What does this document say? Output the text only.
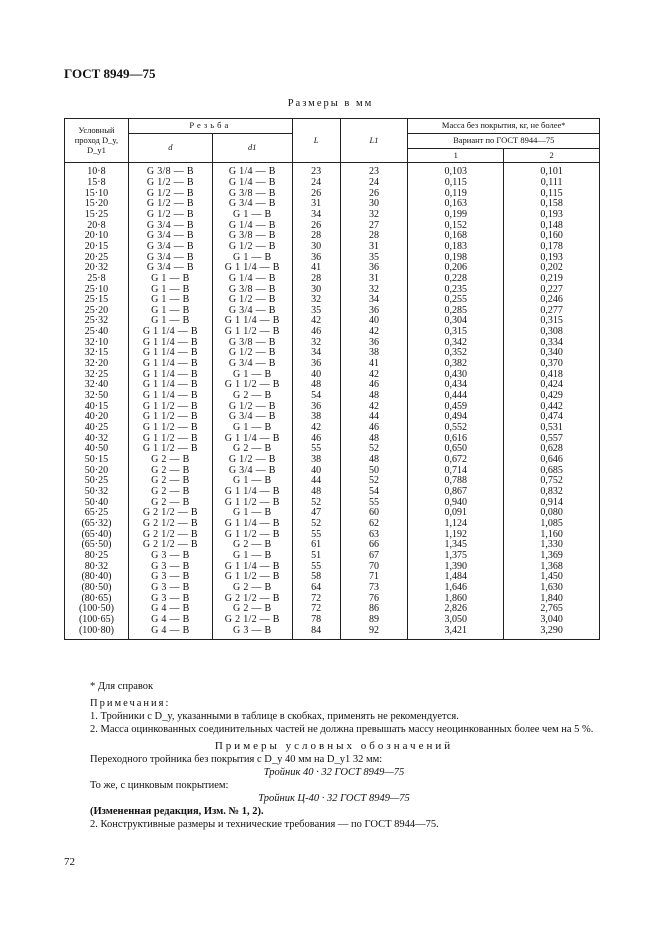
ГОСТ 8949—75
Размеры в мм
Условный проход D_y, D_y1	Резьба		L	L1	Масса без покрытия, кг, не более*	
	d	d1			Вариант по ГОСТ 8944—75	
					1	2
10·8	G 3/8 — B	G 1/4 — B	23	23	0,103	0,101
15·8	G 1/2 — B	G 1/4 — B	24	24	0,115	0,111
15·10	G 1/2 — B	G 3/8 — B	26	26	0,119	0,115
15·20	G 1/2 — B	G 3/4 — B	31	30	0,163	0,158
15·25	G 1/2 — B	G 1 — B	34	32	0,199	0,193
20·8	G 3/4 — B	G 1/4 — B	26	27	0,152	0,148
20·10	G 3/4 — B	G 3/8 — B	28	28	0,168	0,160
20·15	G 3/4 — B	G 1/2 — B	30	31	0,183	0,178
20·25	G 3/4 — B	G 1 — B	36	35	0,198	0,193
20·32	G 3/4 — B	G 1 1/4 — B	41	36	0,206	0,202
25·8	G 1 — B	G 1/4 — B	28	31	0,228	0,219
25·10	G 1 — B	G 3/8 — B	30	32	0,235	0,227
25·15	G 1 — B	G 1/2 — B	32	34	0,255	0,246
25·20	G 1 — B	G 3/4 — B	35	36	0,285	0,277
25·32	G 1 — B	G 1 1/4 — B	42	40	0,304	0,315
25·40	G 1 1/4 — B	G 1 1/2 — B	46	42	0,315	0,308
32·10	G 1 1/4 — B	G 3/8 — B	32	36	0,342	0,334
32·15	G 1 1/4 — B	G 1/2 — B	34	38	0,352	0,340
32·20	G 1 1/4 — B	G 3/4 — B	36	41	0,382	0,370
32·25	G 1 1/4 — B	G 1 — B	40	42	0,430	0,418
32·40	G 1 1/4 — B	G 1 1/2 — B	48	46	0,434	0,424
32·50	G 1 1/4 — B	G 2 — B	54	48	0,444	0,429
40·15	G 1 1/2 — B	G 1/2 — B	36	42	0,459	0,442
40·20	G 1 1/2 — B	G 3/4 — B	38	44	0,494	0,474
40·25	G 1 1/2 — B	G 1 — B	42	46	0,552	0,531
40·32	G 1 1/2 — B	G 1 1/4 — B	46	48	0,616	0,557
40·50	G 1 1/2 — B	G 2 — B	55	52	0,650	0,628
50·15	G 2 — B	G 1/2 — B	38	48	0,672	0,646
50·20	G 2 — B	G 3/4 — B	40	50	0,714	0,685
50·25	G 2 — B	G 1 — B	44	52	0,788	0,752
50·32	G 2 — B	G 1 1/4 — B	48	54	0,867	0,832
50·40	G 2 — B	G 1 1/2 — B	52	55	0,940	0,914
65·25	G 2 1/2 — B	G 1 — B	47	60	0,091	0,080
(65·32)	G 2 1/2 — B	G 1 1/4 — B	52	62	1,124	1,085
(65·40)	G 2 1/2 — B	G 1 1/2 — B	55	63	1,192	1,160
(65·50)	G 2 1/2 — B	G 2 — B	61	66	1,345	1,330
80·25	G 3 — B	G 1 — B	51	67	1,375	1,369
80·32	G 3 — B	G 1 1/4 — B	55	70	1,390	1,368
(80·40)	G 3 — B	G 1 1/2 — B	58	71	1,484	1,450
(80·50)	G 3 — B	G 2 — B	64	73	1,646	1,630
(80·65)	G 3 — B	G 2 1/2 — B	72	76	1,860	1,840
(100·50)	G 4 — B	G 2 — B	72	86	2,826	2,765
(100·65)	G 4 — B	G 2 1/2 — B	78	89	3,050	3,040
(100·80)	G 4 — B	G 3 — B	84	92	3,421	3,290

* Для справок

Примечания:

1. Тройники с D_y, указанными в таблице в скобках, применять не рекомендуется.

2. Масса оцинкованных соединительных частей не должна превышать массу неоцинкованных более чем на 5 %.

Примеры условных обозначений

Переходного тройника без покрытия с D_y 40 мм на D_y1 32 мм:

Тройник 40 · 32 ГОСТ 8949—75

То же, с цинковым покрытием:

Тройник Ц-40 · 32 ГОСТ 8949—75

(Измененная редакция, Изм. № 1, 2).

2. Конструктивные размеры и технические требования — по ГОСТ 8944—75.

72
